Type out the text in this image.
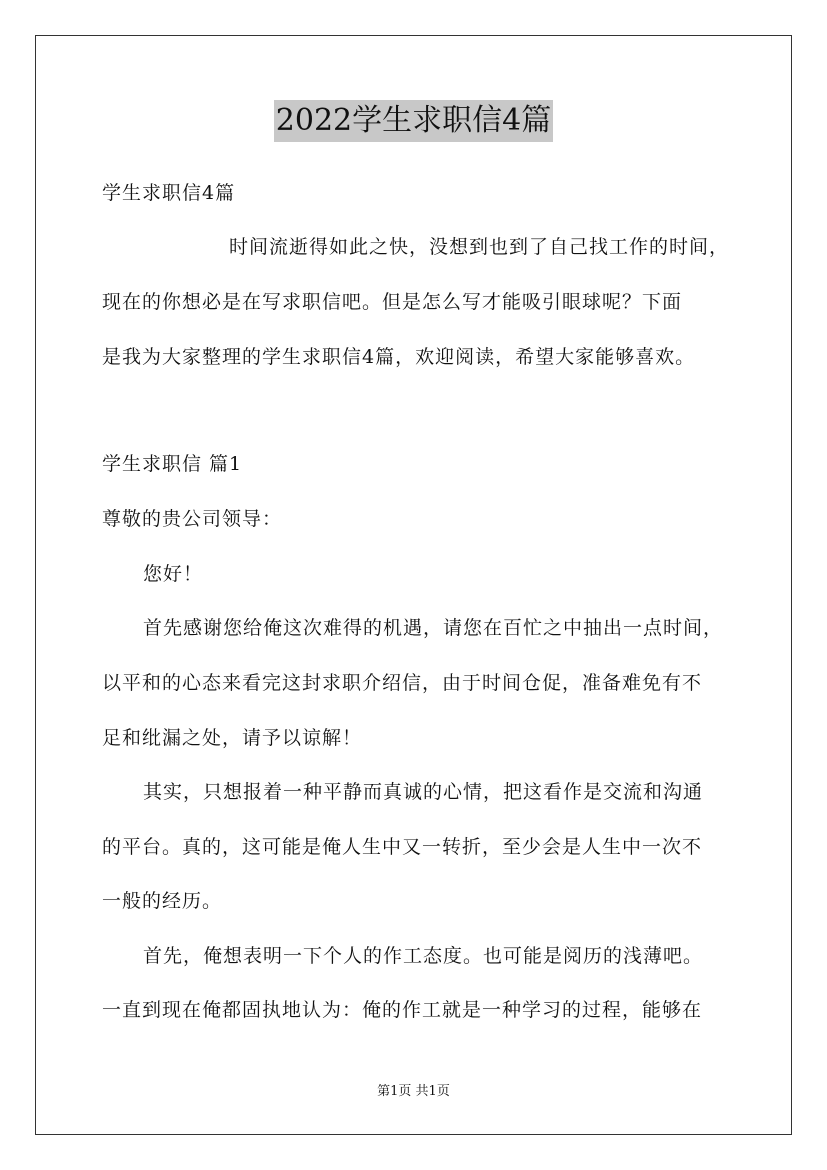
2022学生求职信4篇
学生求职信4篇
时间流逝得如此之快，没想到也到了自己找工作的时间，
现在的你想必是在写求职信吧。但是怎么写才能吸引眼球呢？下面
是我为大家整理的学生求职信4篇，欢迎阅读，希望大家能够喜欢。
学生求职信 篇1
尊敬的贵公司领导：
您好！
首先感谢您给俺这次难得的机遇，请您在百忙之中抽出一点时间，
以平和的心态来看完这封求职介绍信，由于时间仓促，准备难免有不
足和纰漏之处，请予以谅解！
其实，只想报着一种平静而真诚的心情，把这看作是交流和沟通
的平台。真的，这可能是俺人生中又一转折，至少会是人生中一次不
一般的经历。
首先，俺想表明一下个人的作工态度。也可能是阅历的浅薄吧。
一直到现在俺都固执地认为：俺的作工就是一种学习的过程，能够在
第1页 共1页
